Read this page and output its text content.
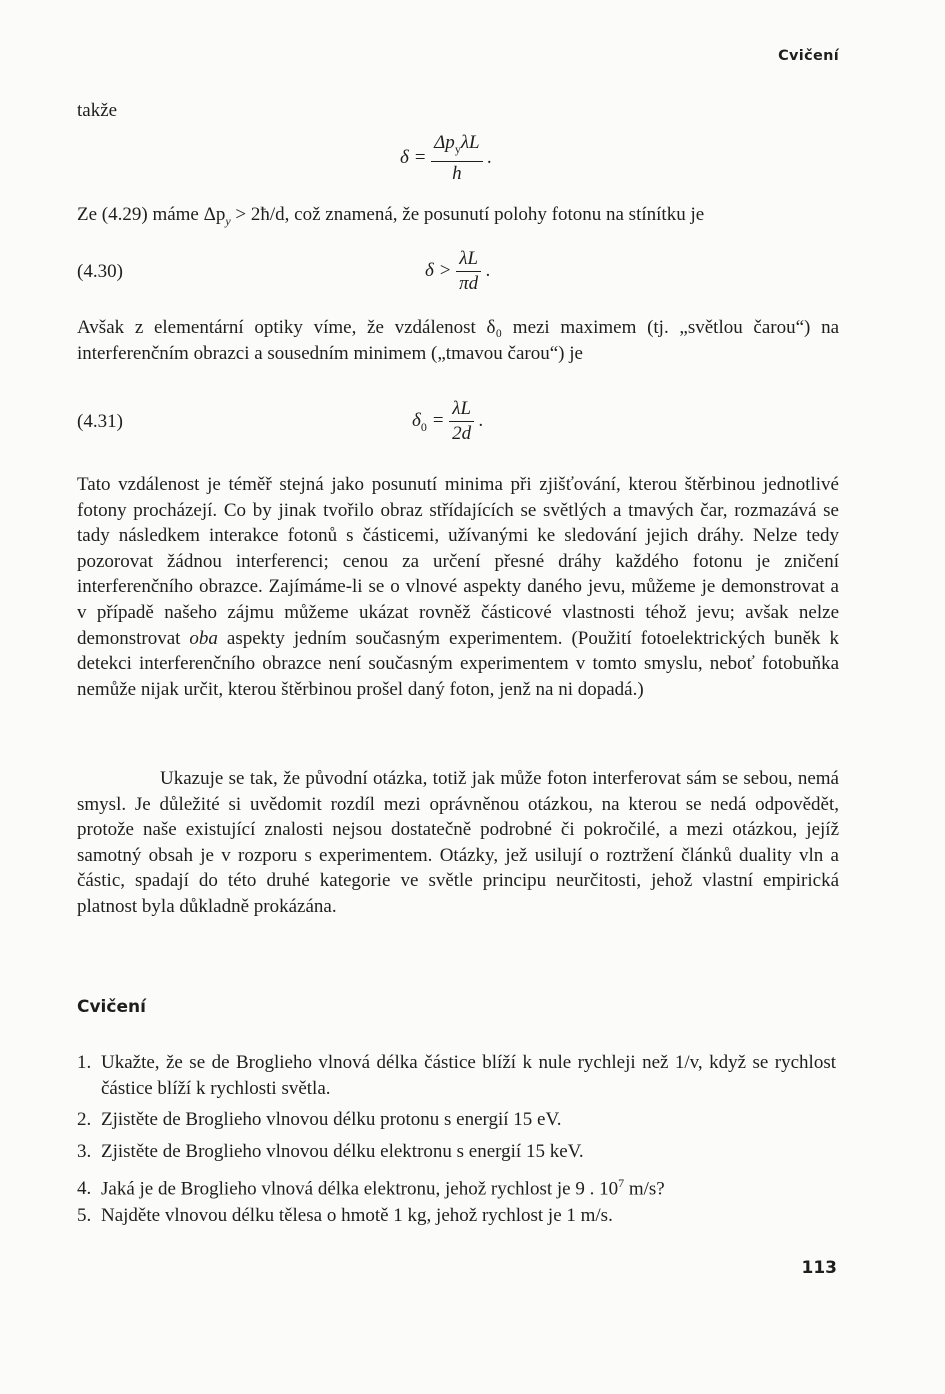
Cvičení
takže
$\delta = \frac{\Delta p_y\lambda L}{h}$ .
Ze (4.29) máme $\Delta p_y$ > 2ħ/d, což znamená, že posunutí polohy fotonu na stínítku je
(4.30)	$\delta > \frac{\lambda L}{\pi d}$ .

Avšak z elementární optiky víme, že vzdálenost δ₀ mezi maximem (tj. „světlou čarou“) na interferenčním obrazci a sousedním minimem („tmavou čarou“) je

(4.31)	$\delta_0 = \frac{\lambda L}{2d}$ .

Tato vzdálenost je téměř stejná jako posunutí minima při zjišťování, kterou štěrbinou jednotlivé fotony procházejí. Co by jinak tvořilo obraz střídajících se světlých a tmavých čar, rozmazává se tady následkem interakce fotonů s částicemi, užívanými ke sledování jejich dráhy. Nelze tedy pozorovat žádnou interferenci; cenou za určení přesné dráhy každého fotonu je zničení interferenčního obrazce. Zajímáme-li se o vlnové aspekty daného jevu, můžeme je demonstrovat a v případě našeho zájmu můžeme ukázat rovněž částicové vlastnosti téhož jevu; avšak nelze demonstrovat oba aspekty jedním současným experimentem. (Použití fotoelektrických buněk k detekci interferenčního obrazce není současným experimentem v tomto smyslu, neboť fotobuňka nemůže nijak určit, kterou štěrbinou prošel daný foton, jenž na ni dopadá.)

Ukazuje se tak, že původní otázka, totiž jak může foton interferovat sám se sebou, nemá smysl. Je důležité si uvědomit rozdíl mezi oprávněnou otázkou, na kterou se nedá odpovědět, protože naše existující znalosti nejsou dostatečně podrobné či pokročilé, a mezi otázkou, jejíž samotný obsah je v rozporu s experimentem. Otázky, jež usilují o roztržení článků duality vln a částic, spadají do této druhé kategorie ve světle principu neurčitosti, jehož vlastní empirická platnost byla důkladně prokázána.

Cvičení
1. Ukažte, že se de Broglieho vlnová délka částice blíží k nule rychleji než 1/v, když se rychlost částice blíží k rychlosti světla.
2. Zjistěte de Broglieho vlnovou délku protonu s energií 15 eV.
3. Zjistěte de Broglieho vlnovou délku elektronu s energií 15 keV.
4. Jaká je de Broglieho vlnová délka elektronu, jehož rychlost je 9 . $10^7$ m/s?
5. Najděte vlnovou délku tělesa o hmotě 1 kg, jehož rychlost je 1 m/s.
113
